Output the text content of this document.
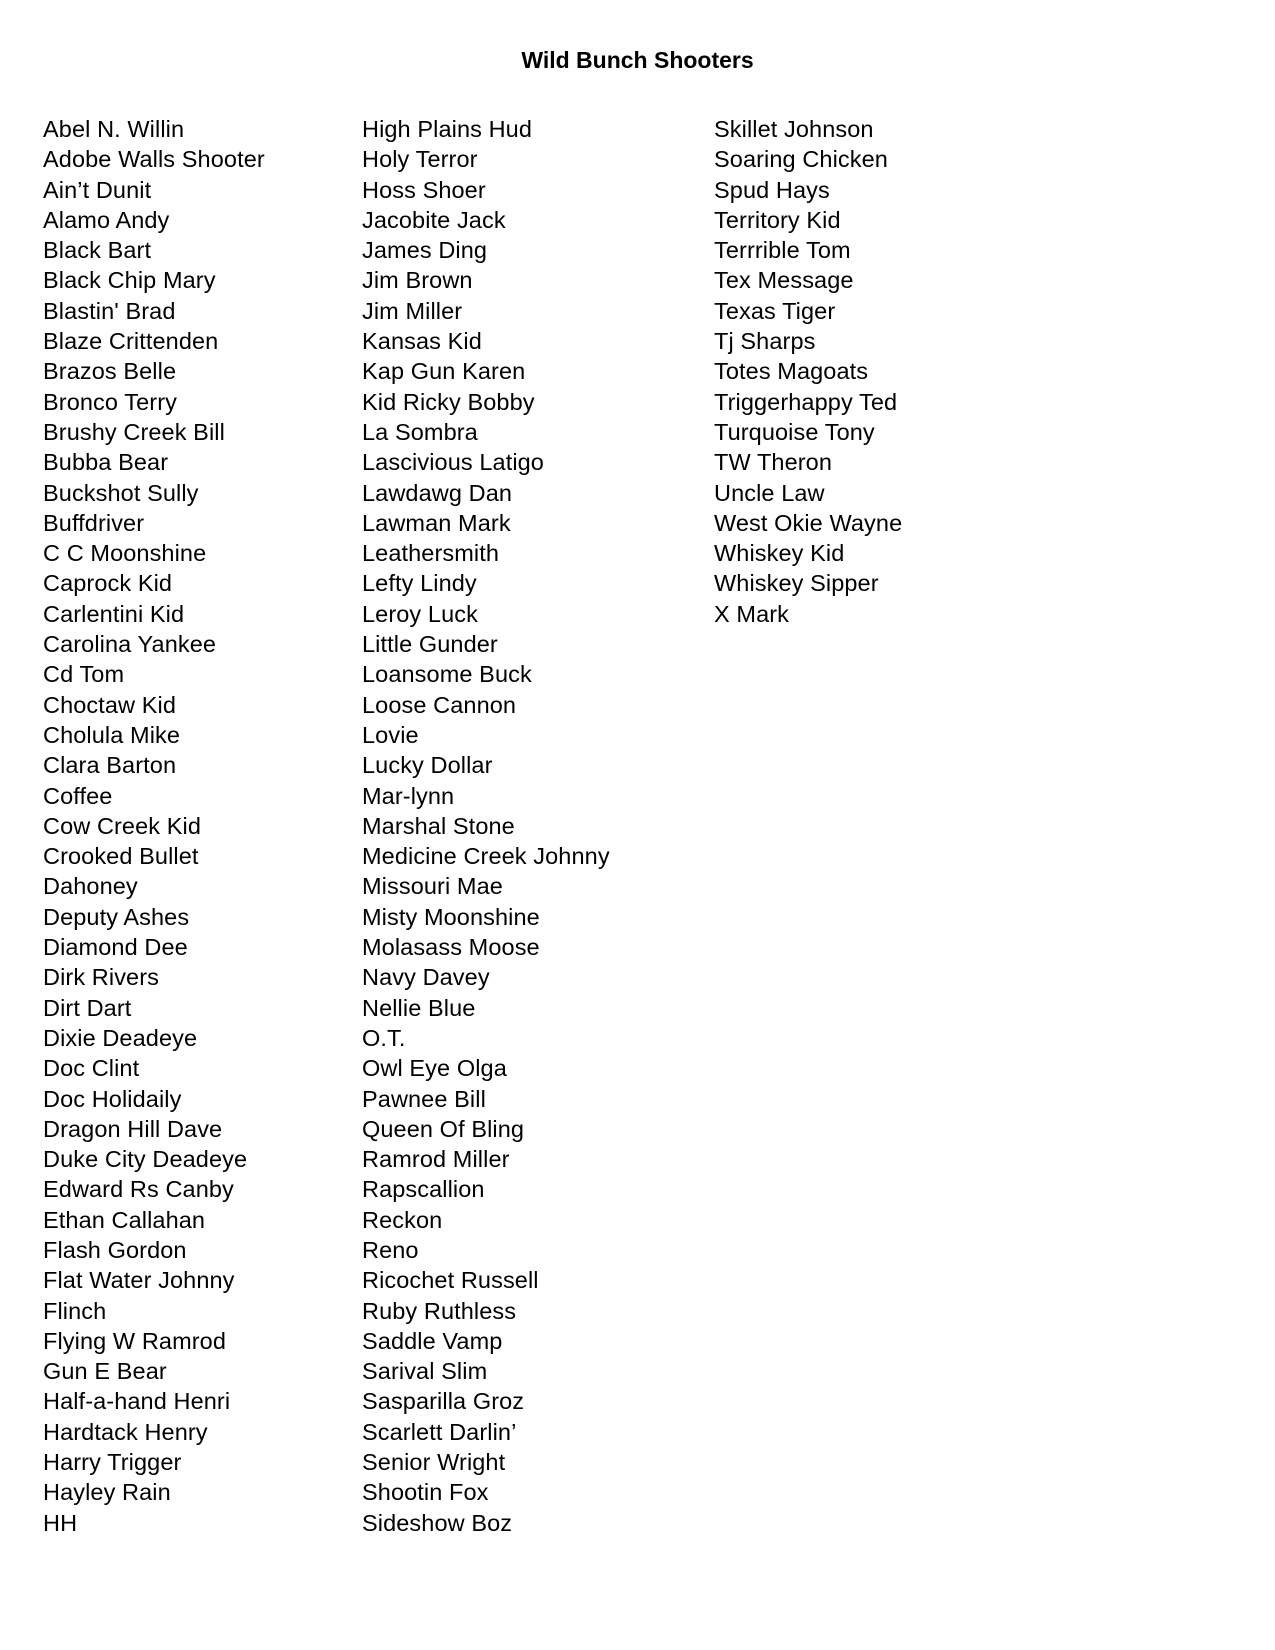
Wild Bunch Shooters
Abel N. Willin
Adobe Walls Shooter
Ain’t Dunit
Alamo Andy
Black Bart
Black Chip Mary
Blastin' Brad
Blaze Crittenden
Brazos Belle
Bronco Terry
Brushy Creek Bill
Bubba Bear
Buckshot Sully
Buffdriver
C C Moonshine
Caprock Kid
Carlentini Kid
Carolina Yankee
Cd Tom
Choctaw Kid
Cholula Mike
Clara Barton
Coffee
Cow Creek Kid
Crooked Bullet
Dahoney
Deputy Ashes
Diamond Dee
Dirk Rivers
Dirt Dart
Dixie Deadeye
Doc Clint
Doc Holidaily
Dragon Hill Dave
Duke City Deadeye
Edward Rs Canby
Ethan Callahan
Flash Gordon
Flat Water Johnny
Flinch
Flying W Ramrod
Gun E Bear
Half-a-hand Henri
Hardtack Henry
Harry Trigger
Hayley Rain
HH
High Plains Hud
Holy Terror
Hoss Shoer
Jacobite Jack
James Ding
Jim Brown
Jim Miller
Kansas Kid
Kap Gun Karen
Kid Ricky Bobby
La Sombra
Lascivious Latigo
Lawdawg Dan
Lawman Mark
Leathersmith
Lefty Lindy
Leroy Luck
Little Gunder
Loansome Buck
Loose Cannon
Lovie
Lucky Dollar
Mar-lynn
Marshal Stone
Medicine Creek Johnny
Missouri Mae
Misty Moonshine
Molasass Moose
Navy Davey
Nellie Blue
O.T.
Owl Eye Olga
Pawnee Bill
Queen Of Bling
Ramrod Miller
Rapscallion
Reckon
Reno
Ricochet Russell
Ruby Ruthless
Saddle Vamp
Sarival Slim
Sasparilla Groz
Scarlett Darlin’
Senior Wright
Shootin Fox
Sideshow Boz
Skillet Johnson
Soaring Chicken
Spud Hays
Territory Kid
Terrrible Tom
Tex Message
Texas Tiger
Tj Sharps
Totes Magoats
Triggerhappy Ted
Turquoise Tony
TW Theron
Uncle Law
West Okie Wayne
Whiskey Kid
Whiskey Sipper
X Mark
